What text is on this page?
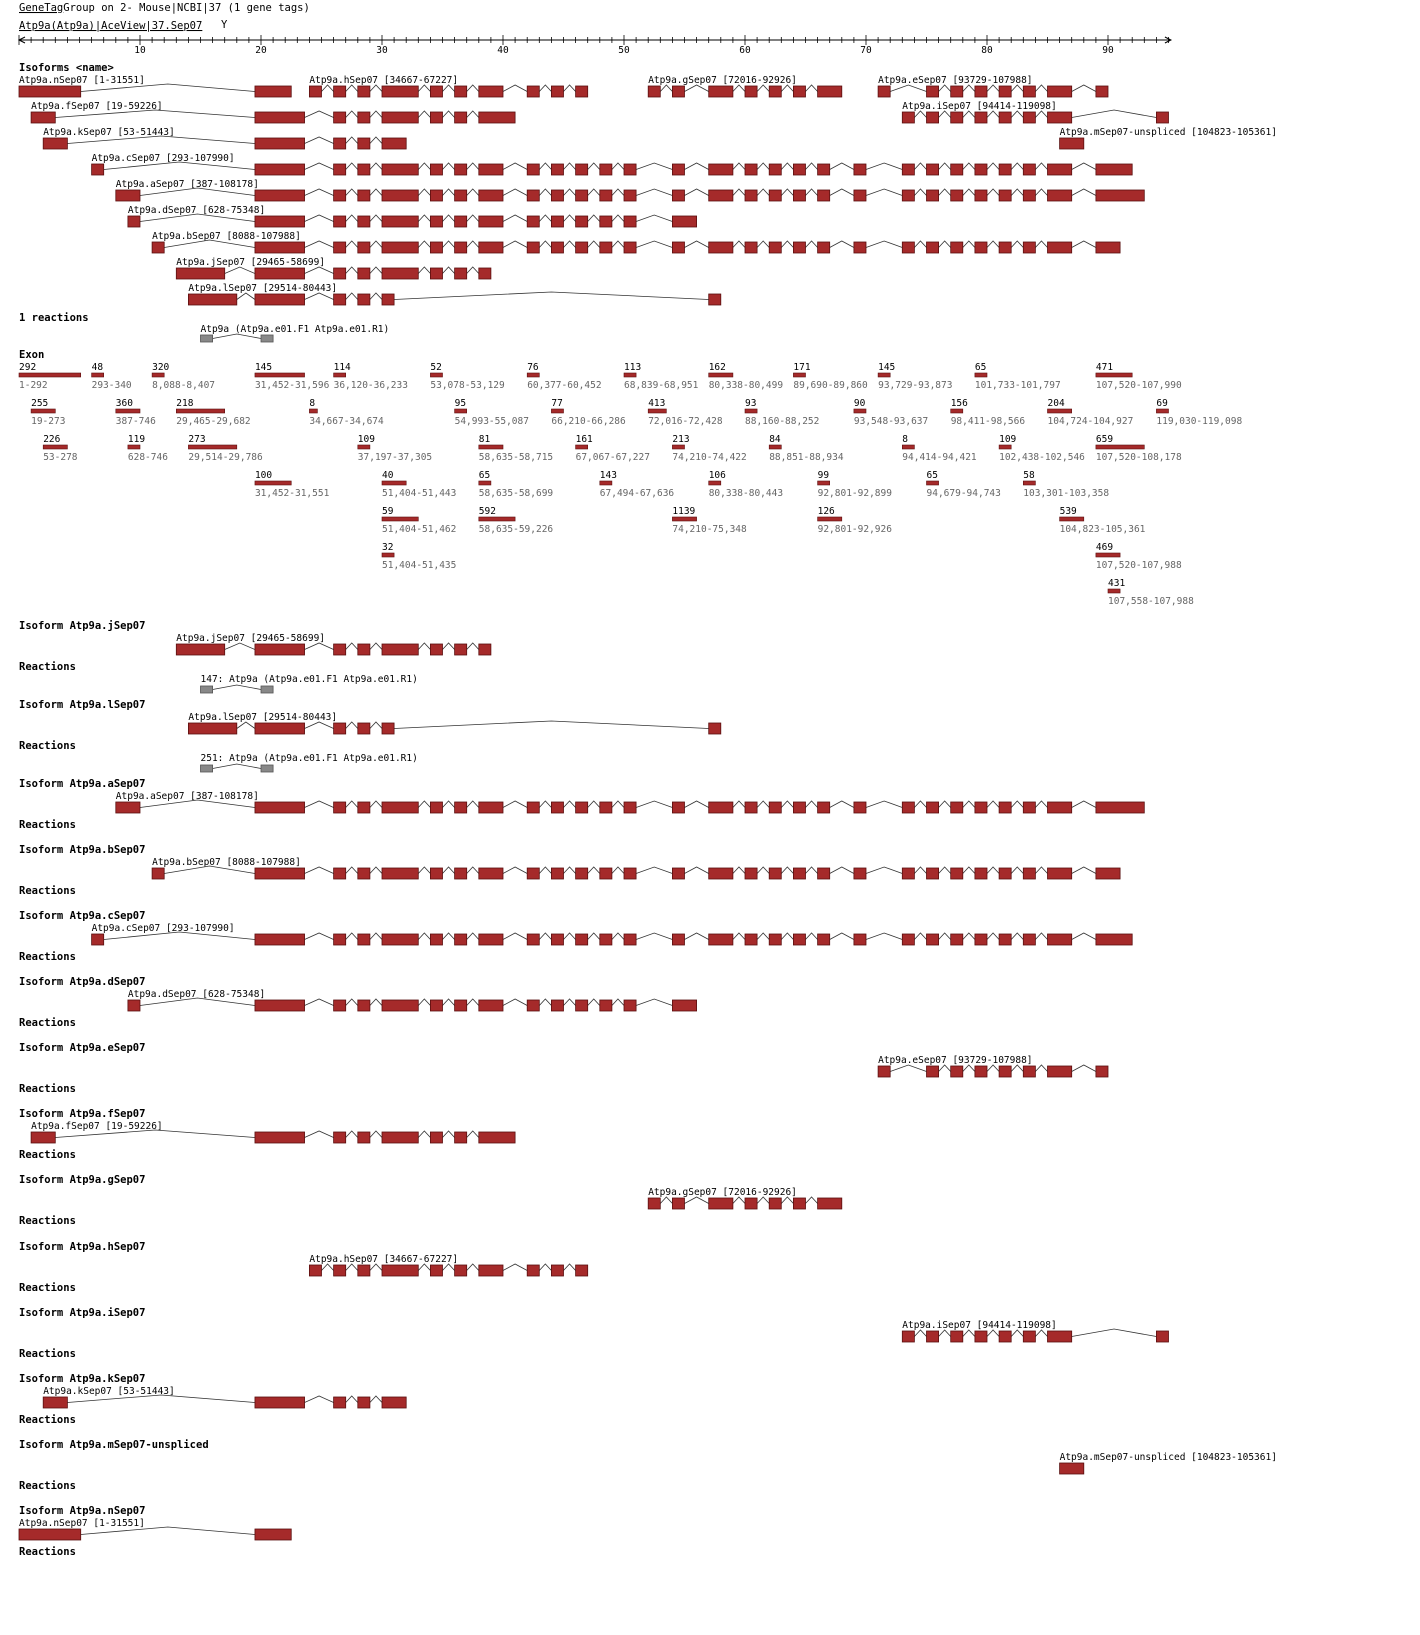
GeneTagGroup on 2- Mouse|NCBI|37 (1 gene tags)
Atp9a(Atp9a)|AceView|37.Sep07 Y
10	20	30	40	50	60	70	80	90
Isoforms <name>
Atp9a.nSep07 [1-31551]	Atp9a.hSep07 [34667-67227]	Atp9a.gSep07 [72016-92926]	Atp9a.eSep07 [93729-107988]
Atp9a.fSep07 [19-59226]	Atp9a.iSep07 [94414-119098]
Atp9a.kSep07 [53-51443]	Atp9a.mSep07-unspliced [104823-105361]
Atp9a.cSep07 [293-107990]
Atp9a.aSep07 [387-108178]
Atp9a.dSep07 [628-75348]
Atp9a.bSep07 [8088-107988]
Atp9a.jSep07 [29465-58699]
Atp9a.lSep07 [29514-80443]
1 reactions
Atp9a (Atp9a.e01.F1 Atp9a.e01.R1)
Exon
292
1-292
48
293-340
320
8,088-8,407
145
31,452-31,596
114
36,120-36,233
52
53,078-53,129
76
60,377-60,452
113
68,839-68,951
162
80,338-80,499
171
89,690-89,860
145
93,729-93,873
65
101,733-101,797
471
107,520-107,990
255
19-273
360
387-746
218
29,465-29,682
8
34,667-34,674
95
54,993-55,087
77
66,210-66,286
413
72,016-72,428
93
88,160-88,252
90
93,548-93,637
156
98,411-98,566
204
104,724-104,927
69
119,030-119,098
226
53-278
119
628-746
273
29,514-29,786
109
37,197-37,305
81
58,635-58,715
161
67,067-67,227
213
74,210-74,422
84
88,851-88,934
8
94,414-94,421
109
102,438-102,546
659
107,520-108,178
100
31,452-31,551
40
51,404-51,443
65
58,635-58,699
143
67,494-67,636
106
80,338-80,443
99
92,801-92,899
65
94,679-94,743
58
103,301-103,358
59
51,404-51,462
592
58,635-59,226
1139
74,210-75,348
126
92,801-92,926
539
104,823-105,361
32
51,404-51,435
469
107,520-107,988
431
107,558-107,988
Isoform Atp9a.jSep07
Atp9a.jSep07 [29465-58699]
Reactions
147: Atp9a (Atp9a.e01.F1 Atp9a.e01.R1)
Isoform Atp9a.lSep07
Atp9a.lSep07 [29514-80443]
Reactions
251: Atp9a (Atp9a.e01.F1 Atp9a.e01.R1)
Isoform Atp9a.aSep07
Atp9a.aSep07 [387-108178]
Reactions
Isoform Atp9a.bSep07
Atp9a.bSep07 [8088-107988]
Reactions
Isoform Atp9a.cSep07
Atp9a.cSep07 [293-107990]
Reactions
Isoform Atp9a.dSep07
Atp9a.dSep07 [628-75348]
Reactions
Isoform Atp9a.eSep07
Atp9a.eSep07 [93729-107988]
Reactions
Isoform Atp9a.fSep07
Atp9a.fSep07 [19-59226]
Reactions
Isoform Atp9a.gSep07
Atp9a.gSep07 [72016-92926]
Reactions
Isoform Atp9a.hSep07
Atp9a.hSep07 [34667-67227]
Reactions
Isoform Atp9a.iSep07
Atp9a.iSep07 [94414-119098]
Reactions
Isoform Atp9a.kSep07
Atp9a.kSep07 [53-51443]
Reactions
Isoform Atp9a.mSep07-unspliced
Atp9a.mSep07-unspliced [104823-105361]
Reactions
Isoform Atp9a.nSep07
Atp9a.nSep07 [1-31551]
Reactions
